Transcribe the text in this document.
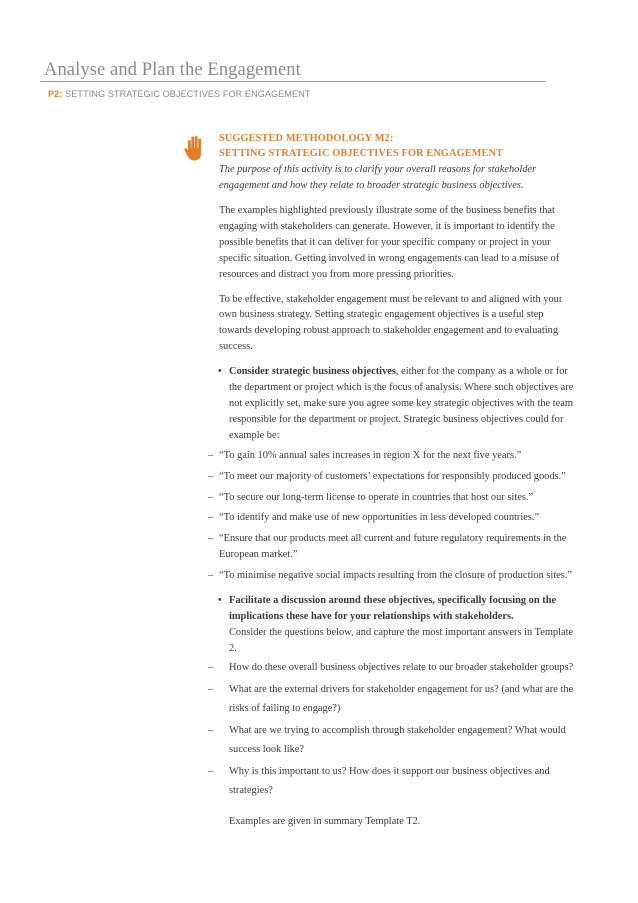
Analyse and Plan the Engagement
P2: SETTING STRATEGIC OBJECTIVES FOR ENGAGEMENT
SUGGESTED METHODOLOGY M2:
SETTING STRATEGIC OBJECTIVES FOR ENGAGEMENT
The purpose of this activity is to clarify your overall reasons for stakeholder engagement and how they relate to broader strategic business objectives.
The examples highlighted previously illustrate some of the business benefits that engaging with stakeholders can generate. However, it is important to identify the possible benefits that it can deliver for your specific company or project in your specific situation. Getting involved in wrong engagements can lead to a misuse of resources and distract you from more pressing priorities.
To be effective, stakeholder engagement must be relevant to and aligned with your own business strategy. Setting strategic engagement objectives is a useful step towards developing robust approach to stakeholder engagement and to evaluating success.
• Consider strategic business objectives, either for the company as a whole or for the department or project which is the focus of analysis. Where such objectives are not explicitly set, make sure you agree some key strategic objectives with the team responsible for the department or project. Strategic business objectives could for example be:
– “To gain 10% annual sales increases in region X for the next five years.”
– “To meet our majority of customers’ expectations for responsibly produced goods.”
– “To secure our long-term license to operate in countries that host our sites.”
– “To identify and make use of new opportunities in less developed countries.”
– “Ensure that our products meet all current and future regulatory requirements in the European market.”
– “To minimise negative social impacts resulting from the closure of production sites.”
• Facilitate a discussion around these objectives, specifically focusing on the implications these have for your relationships with stakeholders.
Consider the questions below, and capture the most important answers in Template 2.
– How do these overall business objectives relate to our broader stakeholder groups?
– What are the external drivers for stakeholder engagement for us? (and what are the risks of failing to engage?)
– What are we trying to accomplish through stakeholder engagement? What would success look like?
– Why is this important to us? How does it support our business objectives and strategies?
Examples are given in summary Template T2.
